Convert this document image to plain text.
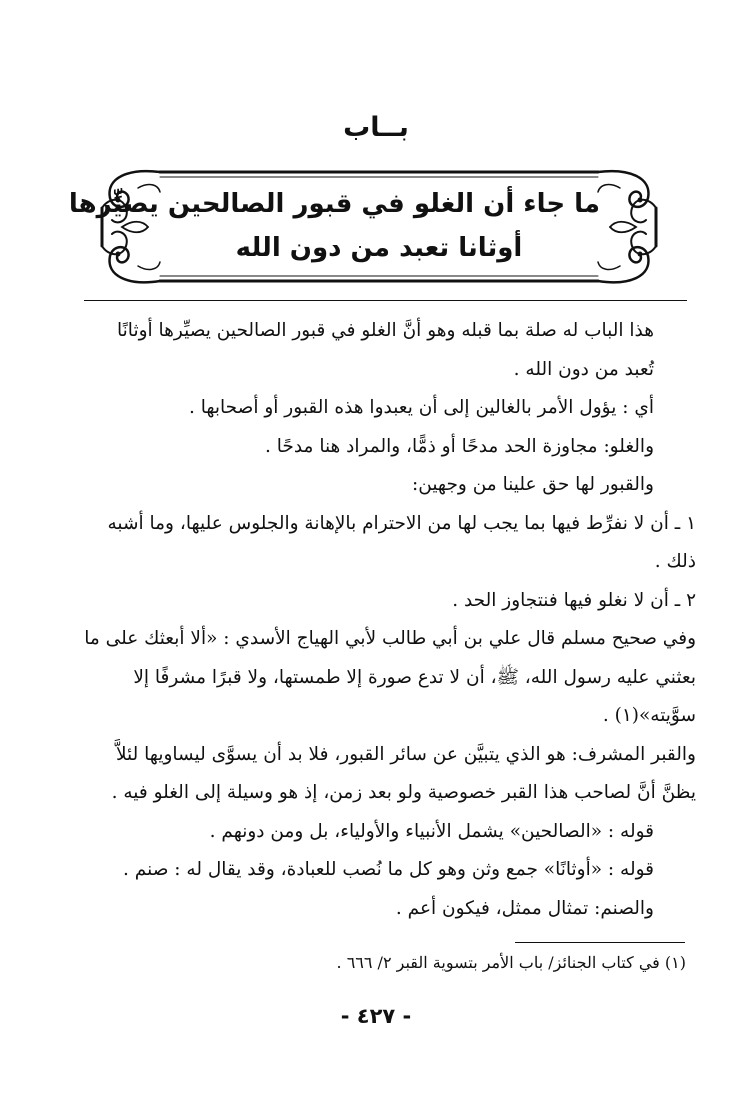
بــاب
ما جاء أن الغلو في قبور الصالحين يصيِّرها
أوثانا تعبد من دون الله

هذا الباب له صلة بما قبله وهو أنَّ الغلو في قبور الصالحين يصيِّرها أوثانًا تُعبد من دون الله .

أي : يؤول الأمر بالغالين إلى أن يعبدوا هذه القبور أو أصحابها .

والغلو: مجاوزة الحد مدحًا أو ذمًّا، والمراد هنا مدحًا .

والقبور لها حق علينا من وجهين:

١ ـ أن لا نفرِّط فيها بما يجب لها من الاحترام بالإهانة والجلوس عليها، وما أشبه ذلك .

٢ ـ أن لا نغلو فيها فنتجاوز الحد .

وفي صحيح مسلم قال علي بن أبي طالب لأبي الهياج الأسدي : «ألا أبعثك على ما بعثني عليه رسول الله، ﷺ، أن لا تدع صورة إلا طمستها، ولا قبرًا مشرفًا إلا سوَّيته»(١) .

والقبر المشرف: هو الذي يتبيَّن عن سائر القبور، فلا بد أن يسوَّى ليساويها لئلاَّ يظنَّ أنَّ لصاحب هذا القبر خصوصية ولو بعد زمن، إذ هو وسيلة إلى الغلو فيه .

قوله : «الصالحين» يشمل الأنبياء والأولياء، بل ومن دونهم .

قوله : «أوثانًا» جمع وثن وهو كل ما نُصب للعبادة، وقد يقال له : صنم .

والصنم: تمثال ممثل، فيكون أعم .

(١) في كتاب الجنائز/ باب الأمر بتسوية القبر ٢/ ٦٦٦ .
- ٤٢٧ -
